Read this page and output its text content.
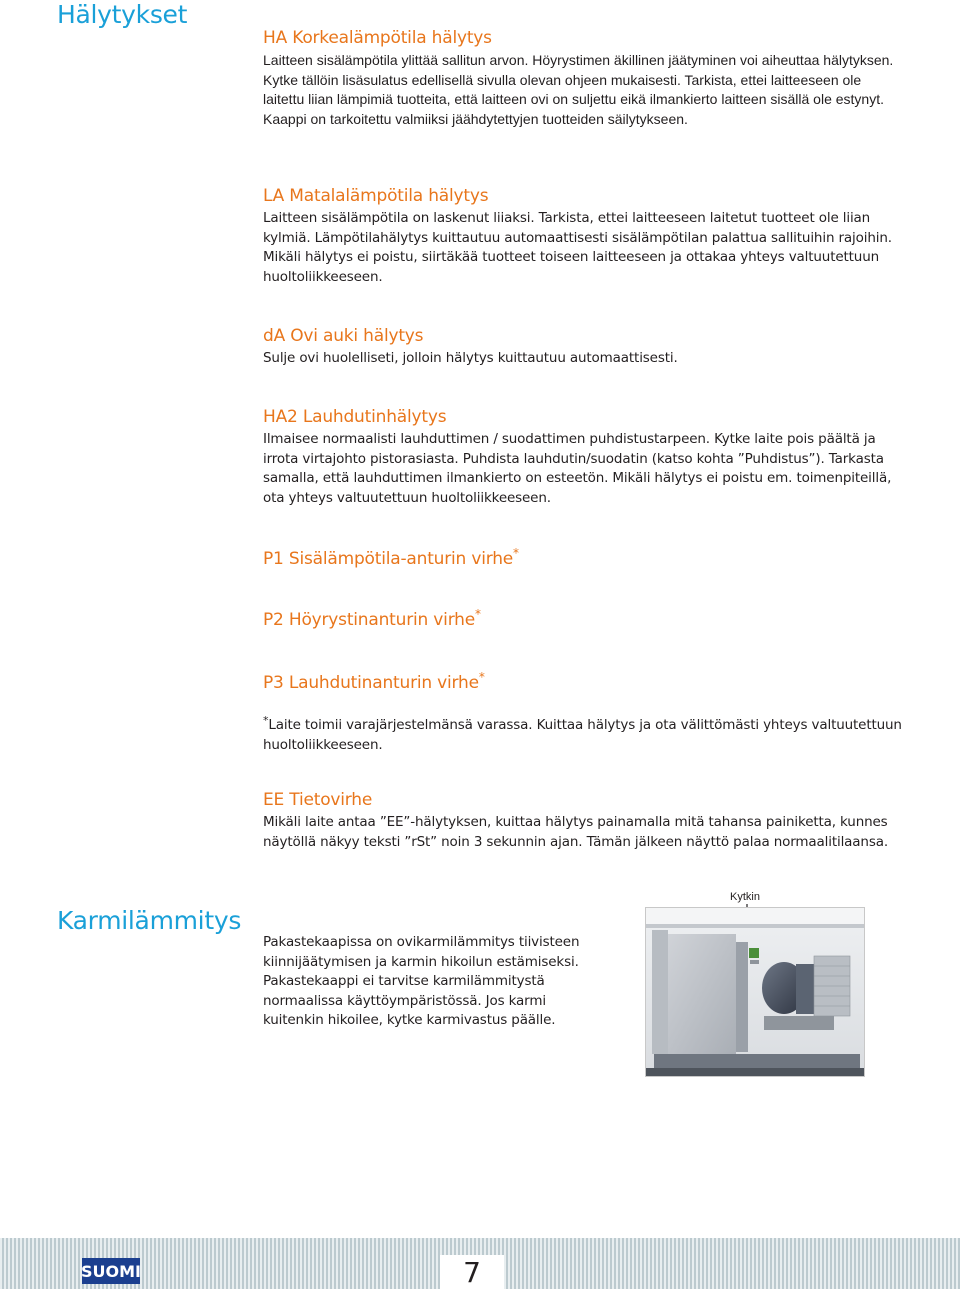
Hälytykset
HA Korkealämpötila hälytys

Laitteen sisälämpötila ylittää sallitun arvon. Höyrystimen äkillinen jäätyminen voi aiheuttaa hälytyksen. Kytke tällöin lisäsulatus edellisellä sivulla olevan ohjeen mukaisesti. Tarkista, ettei laitteeseen ole laitettu liian lämpimiä tuotteita, että laitteen ovi on suljettu eikä ilmankierto laitteen sisällä ole estynyt. Kaappi on tarkoitettu valmiiksi jäähdytettyjen tuotteiden säilytykseen.

LA Matalalämpötila hälytys

Laitteen sisälämpötila on laskenut liiaksi. Tarkista, ettei laitteeseen laitetut tuotteet ole liian kylmiä. Lämpötilahälytys kuittautuu automaattisesti sisälämpötilan palattua sallituihin rajoihin. Mikäli hälytys ei poistu, siirtäkää tuotteet toiseen laitteeseen ja ottakaa yhteys valtuutettuun huoltoliikkeeseen.

dA Ovi auki hälytys

Sulje ovi huolelliseti, jolloin hälytys kuittautuu automaattisesti.

HA2 Lauhdutinhälytys

Ilmaisee normaalisti lauhduttimen / suodattimen puhdistustarpeen. Kytke laite pois päältä ja irrota virtajohto pistorasiasta. Puhdista lauhdutin/suodatin (katso kohta ”Puhdistus”). Tarkasta samalla, että lauhduttimen ilmankierto on esteetön. Mikäli hälytys ei poistu em. toimenpiteillä, ota yhteys valtuutettuun huoltoliikkeeseen.

P1 Sisälämpötila-anturin virhe*
P2 Höyrystinanturin virhe*
P3 Lauhdutinanturin virhe*

*Laite toimii varajärjestelmänsä varassa. Kuittaa hälytys ja ota välittömästi yhteys valtuutettuun huoltoliikkeeseen.

EE Tietovirhe

Mikäli laite antaa ”EE”-hälytyksen, kuittaa hälytys painamalla mitä tahansa painiketta, kunnes näytöllä näkyy teksti ”rSt” noin 3 sekunnin ajan. Tämän jälkeen näyttö palaa normaalitilaansa.

Karmilämmitys

Pakastekaapissa on ovikarmilämmitys tiivisteen kiinnijäätymisen ja karmin hikoilun estämiseksi. Pakastekaappi ei tarvitse karmilämmitystä normaalissa käyttöympäristössä. Jos karmi kuitenkin hikoilee, kytke karmivastus päälle.

Kytkin
SUOMI	7
